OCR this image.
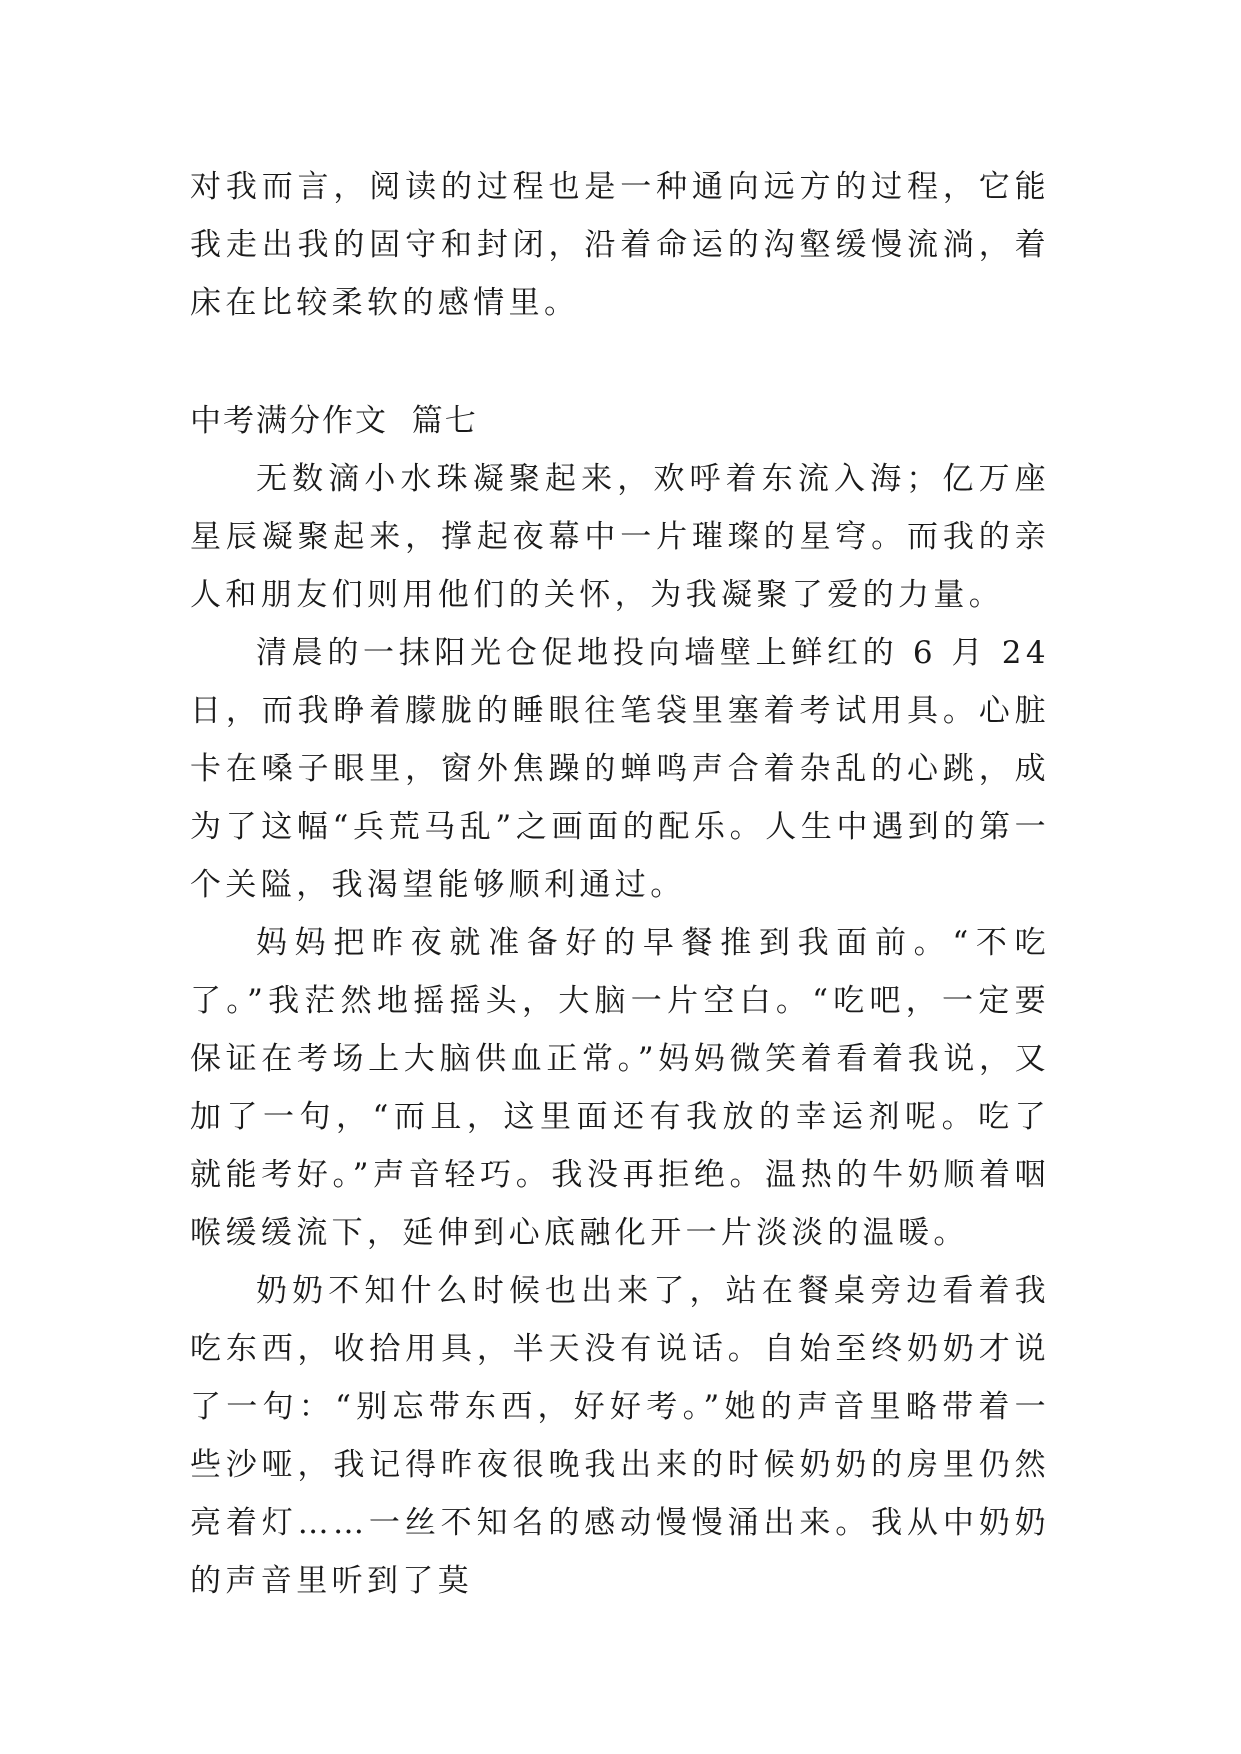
对我而言，阅读的过程也是一种通向远方的过程，它能我走出我的固守和封闭，沿着命运的沟壑缓慢流淌，着床在比较柔软的感情里。

中考满分作文  篇七

无数滴小水珠凝聚起来，欢呼着东流入海；亿万座星辰凝聚起来，撑起夜幕中一片璀璨的星穹。而我的亲人和朋友们则用他们的关怀，为我凝聚了爱的力量。

清晨的一抹阳光仓促地投向墙壁上鲜红的 6 月 24 日，而我睁着朦胧的睡眼往笔袋里塞着考试用具。心脏卡在嗓子眼里，窗外焦躁的蝉鸣声合着杂乱的心跳，成为了这幅“兵荒马乱”之画面的配乐。人生中遇到的第一个关隘，我渴望能够顺利通过。

妈妈把昨夜就准备好的早餐推到我面前。“不吃了。”我茫然地摇摇头，大脑一片空白。“吃吧，一定要保证在考场上大脑供血正常。”妈妈微笑着看着我说，又加了一句，“而且，这里面还有我放的幸运剂呢。吃了就能考好。”声音轻巧。我没再拒绝。温热的牛奶顺着咽喉缓缓流下，延伸到心底融化开一片淡淡的温暖。

奶奶不知什么时候也出来了，站在餐桌旁边看着我吃东西，收拾用具，半天没有说话。自始至终奶奶才说了一句：“别忘带东西，好好考。”她的声音里略带着一些沙哑，我记得昨夜很晚我出来的时候奶奶的房里仍然亮着灯……一丝不知名的感动慢慢涌出来。我从中奶奶的声音里听到了莫
